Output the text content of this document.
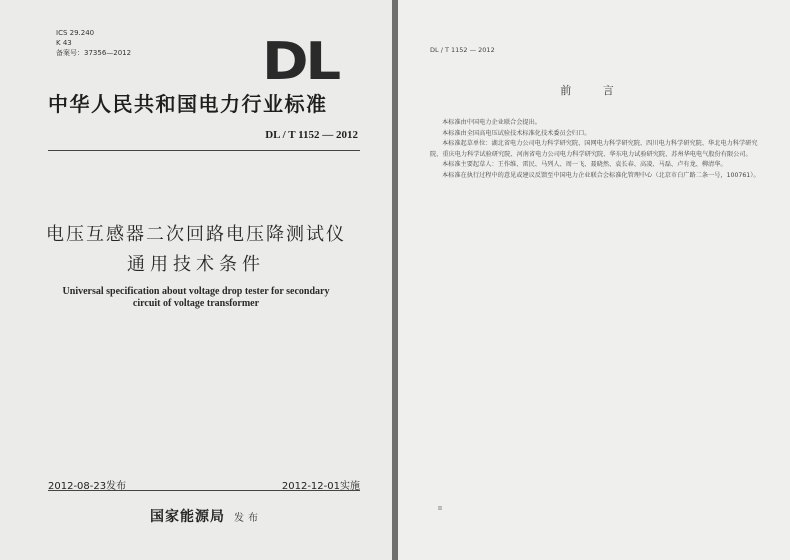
ICS 29.240
K 43
备案号：37356—2012	DL
中华人民共和国电力行业标准
DL / T 1152 — 2012
电压互感器二次回路电压降测试仪
通用技术条件
Universal specification about voltage drop tester for secondary
circuit of voltage transformer
2012-08-23发布	2012-12-01实施
国家能源局 发布
DL / T 1152 — 2012
前 言

本标准由中国电力企业联合会提出。

本标准由全国高电压试验技术标准化技术委员会归口。

本标准起草单位：湖北省电力公司电力科学研究院、国网电力科学研究院、四川电力科学研究院、华北电力科学研究院、重庆电力科学试验研究院、河南省电力公司电力科学研究院、华东电力试验研究院、苏州华电电气股份有限公司。

本标准主要起草人：王作维、雷民、马列人、周一飞、聂晓然、袁长春、高凌、马磊、卢有龙、柳清华。

本标准在执行过程中的意见或建议反馈至中国电力企业联合会标准化管理中心（北京市白广路二条一号，100761）。

II
